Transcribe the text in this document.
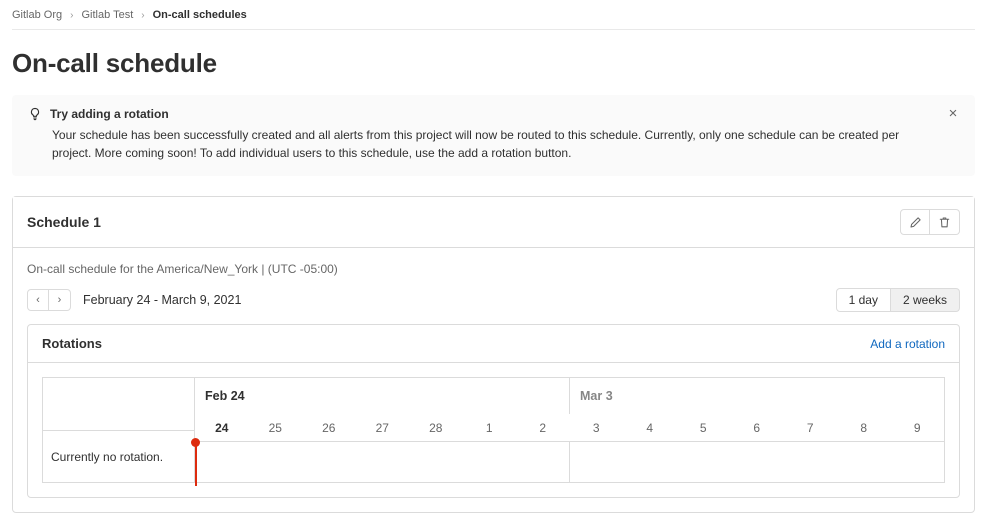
Gitlab Org › Gitlab Test › On-call schedules
On-call schedule
Try adding a rotation
Your schedule has been successfully created and all alerts from this project will now be routed to this schedule. Currently, only one schedule can be created per project. More coming soon! To add individual users to this schedule, use the add a rotation button.
×
Schedule 1
On-call schedule for the America/New_York | (UTC -05:00)
‹	›	February 24 - March 9, 2021	1 day	2 weeks
Rotations	Add a rotation
Currently no rotation.
Feb 24	Mar 3
24	25	26	27	28	1	2	3	4	5	6	7	8	9
